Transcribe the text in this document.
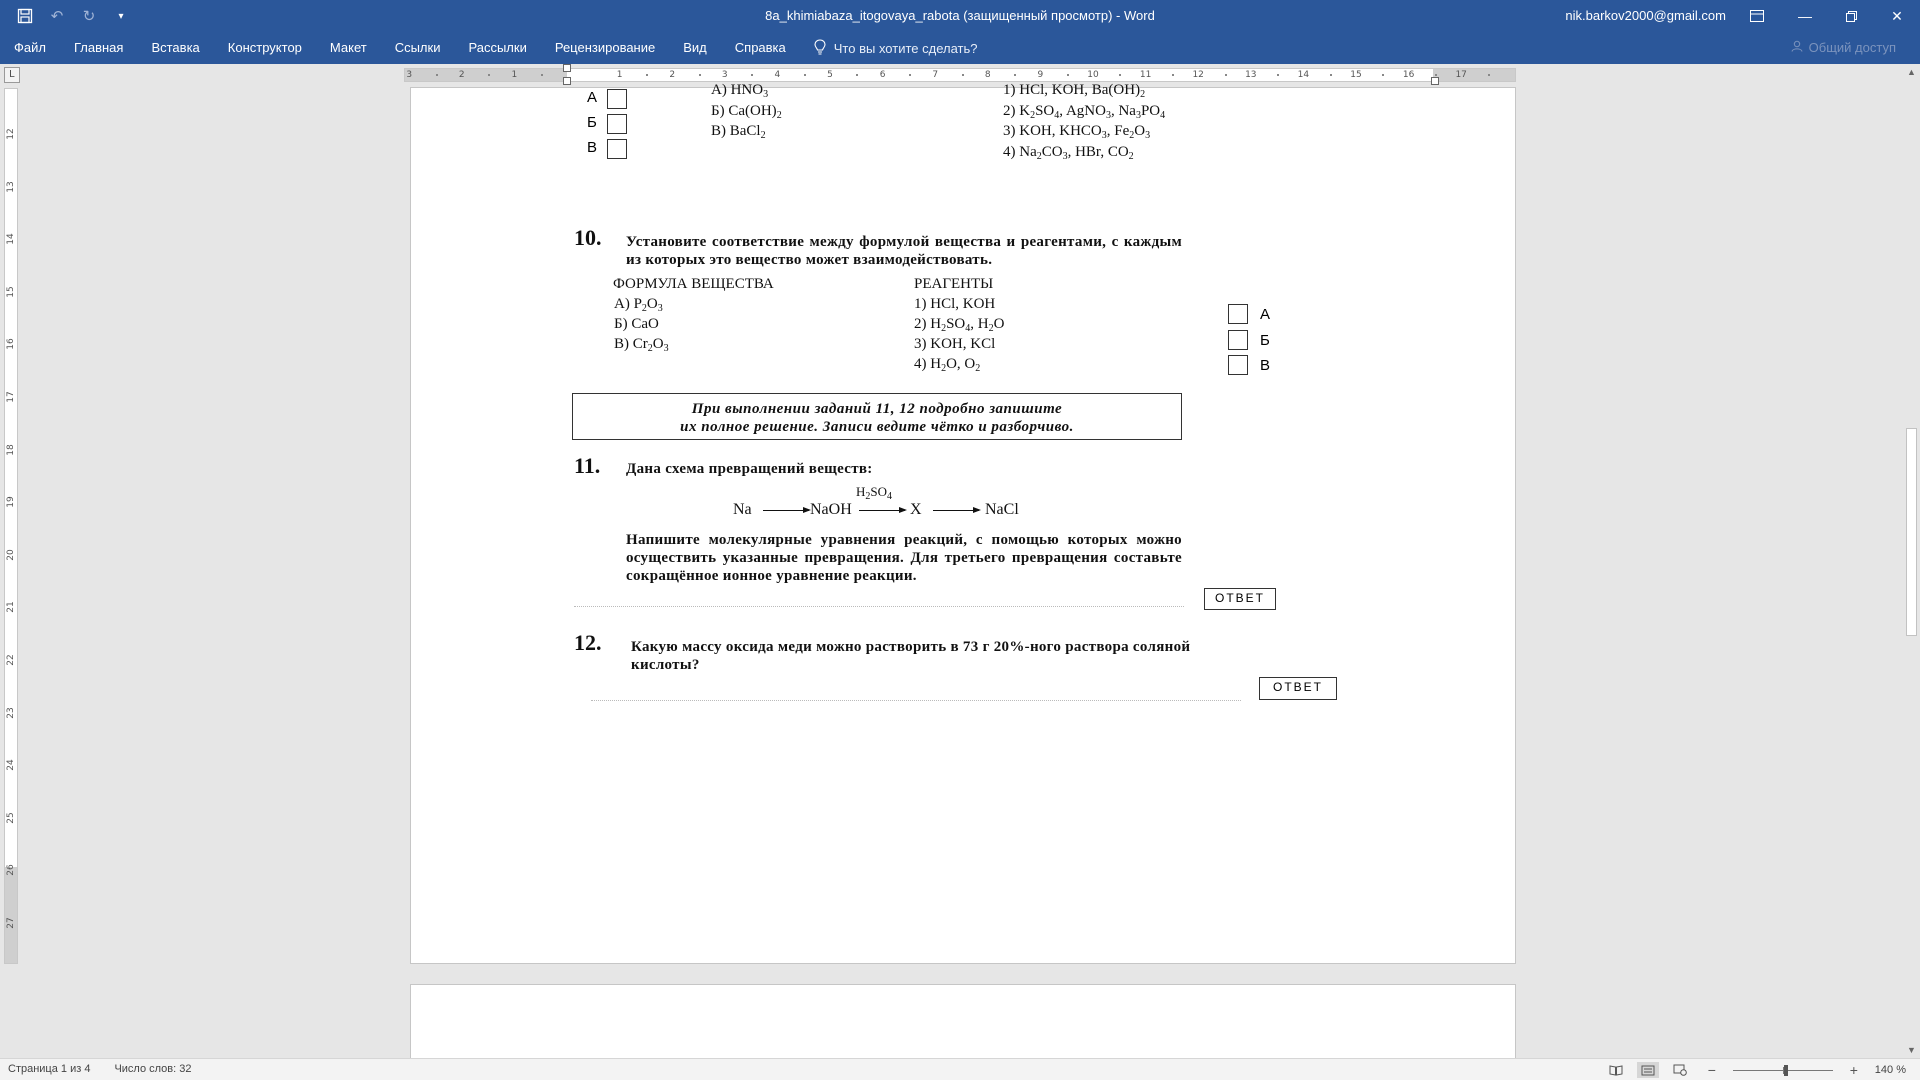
↶	↻	▾	8a_khimiabaza_itogovaya_rabota (защищенный просмотр) - Word	nik.barkov2000@gmail.com	—	✕
Файл	Главная	Вставка	Конструктор	Макет	Ссылки	Рассылки	Рецензирование	Вид	Справка	Что вы хотите сделать?	Общий доступ
L	3	2	1	1	2	3	4	5	6	7	8	9	10	11	12	13	14	15	16	17
12
13
14
15
16
17
18
19
20
21
22
23
24
25
26
27
А
Б
В
А) $HNO_3$
Б) $Ca(OH)_2$
В) BaCl$_2$
1) HCl, KOH, $Ba(OH)_2$
2) $K_2SO_4$, AgNO$_3$, $Na_3PO_4$
3) KOH, $KHCO_3$, $Fe_2O_3$
4) $Na_2CO_3$, HBr, $CO_2$
10. Установите соответствие между формулой вещества и реагентами, с каждым из которых это вещество может взаимодействовать.
ФОРМУЛА ВЕЩЕСТВА	РЕАГЕНТЫ
А) $P_2O_3$
Б) CaO
В) $Cr_2O_3$
1) HCl, KOH
2) $H_2SO_4$, $H_2O$
3) KOH, KCl
4) $H_2O$, $O_2$
А
Б
В
При выполнении заданий 11, 12 подробно запишите
их полное решение. Записи ведите чётко и разборчиво.
11. Дана схема превращений веществ:
Na	NaOH
$H_2SO_4$
X	NaCl
Напишите молекулярные уравнения реакций, с помощью которых можно осуществить указанные превращения. Для третьего превращения составьте сокращённое ионное уравнение реакции.
ОТВЕТ
12. Какую массу оксида меди можно растворить в 73 г 20%-ного раствора соляной кислоты?
ОТВЕТ
▲
▼
Страница 1 из 4 Число слов: 32	−	+	140 %
